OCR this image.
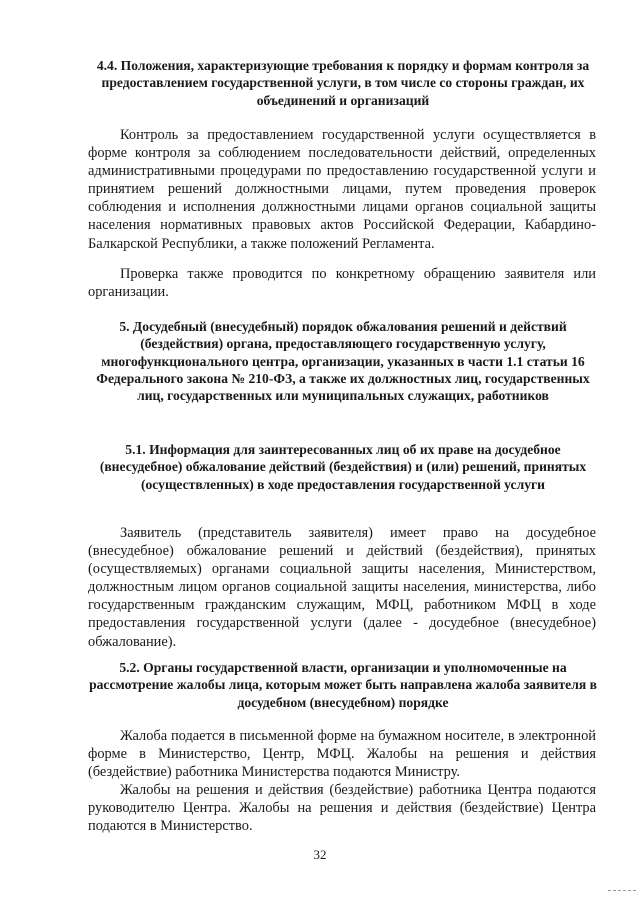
4.4. Положения, характеризующие требования к порядку и формам контроля за предоставлением государственной услуги, в том числе со стороны граждан, их объединений и организаций

Контроль за предоставлением государственной услуги осуществляется в форме контроля за соблюдением последовательности действий, определенных административными процедурами по предоставлению государственной услуги и принятием решений должностными лицами, путем проведения проверок соблюдения и исполнения должностными лицами органов социальной защиты населения нормативных правовых актов Российской Федерации, Кабардино-Балкарской Республики, а также положений Регламента.

Проверка также проводится по конкретному обращению заявителя или организации.

5. Досудебный (внесудебный) порядок обжалования решений и действий (бездействия) органа, предоставляющего государственную услугу, многофункционального центра, организации, указанных в части 1.1 статьи 16 Федерального закона № 210-ФЗ, а также их должностных лиц, государственных лиц, государственных или муниципальных служащих, работников

5.1. Информация для заинтересованных лиц об их праве на досудебное (внесудебное) обжалование действий (бездействия) и (или) решений, принятых (осуществленных) в ходе предоставления государственной услуги

Заявитель (представитель заявителя) имеет право на досудебное (внесудебное) обжалование решений и действий (бездействия), принятых (осуществляемых) органами социальной защиты населения, Министерством, должностным лицом органов социальной защиты населения, министерства, либо государственным гражданским служащим, МФЦ, работником МФЦ в ходе предоставления государственной услуги (далее - досудебное (внесудебное) обжалование).

5.2. Органы государственной власти, организации и уполномоченные на рассмотрение жалобы лица, которым может быть направлена жалоба заявителя в досудебном (внесудебном) порядке

Жалоба подается в письменной форме на бумажном носителе, в электронной форме в Министерство, Центр, МФЦ. Жалобы на решения и действия (бездействие) работника Министерства подаются Министру.

Жалобы на решения и действия (бездействие) работника Центра подаются руководителю Центра. Жалобы на решения и действия (бездействие) Центра подаются в Министерство.

32
